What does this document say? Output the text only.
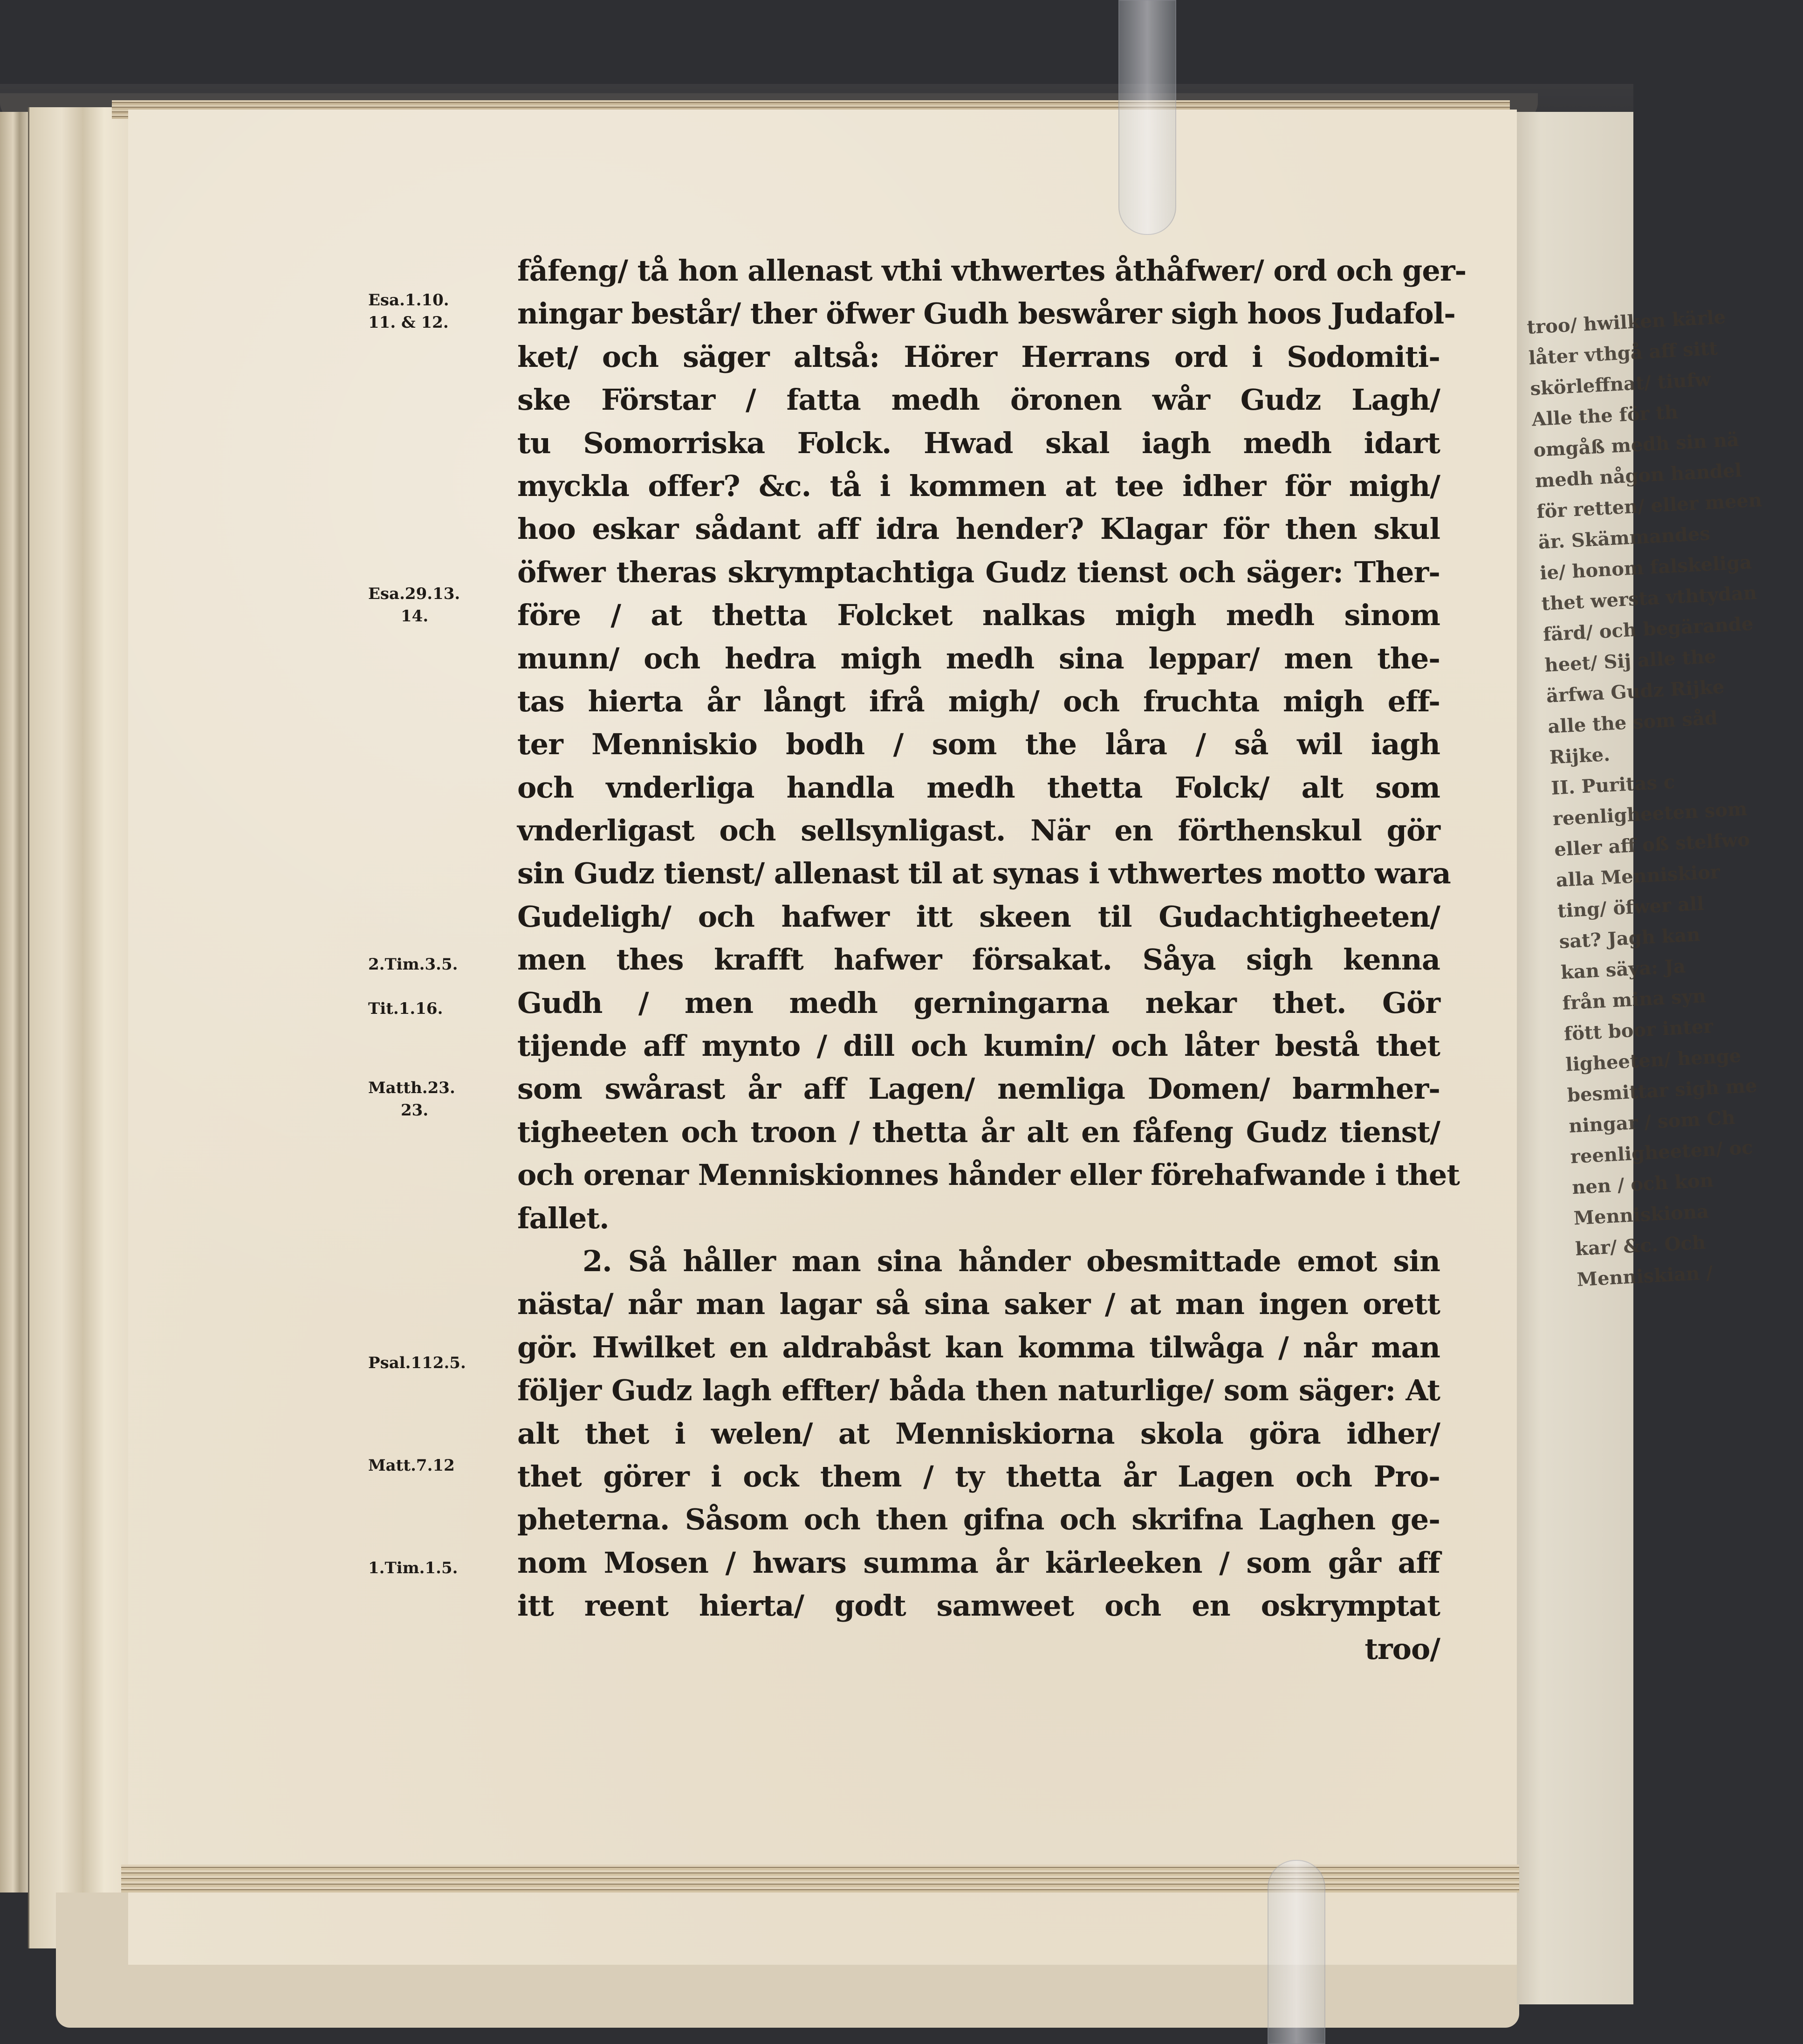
troo/ hwilken kärle
låter vthgå aff sitt
skörleffnat/ tiufw
Alle the för th
omgåß medh sin nä
medh någon handel
för retten/ eller meen
är. Skämmandes
ie/ honom falskeliga
thet wersta vthtydan
färd/ och begärande
heet/ Sij alle the
ärfwa Gudz Rijke
alle the som såd
Rijke.
II. Puritas c
reenligheeten som
eller aff oß stelfwo
alla Menniskior
ting/ öfwer all
sat? Jagh kan
kan säya: Ja
från mina syn
fött boor inter
ligheeten/ henge
besmittar sigh me
ningar / som Ch
reenligheeten/ oc
nen / och kon
Menniskiona
kar/ &c. Och
Menniskian /
fåfeng/ tå hon allenast vthi vthwertes åthåfwer/ ord och ger-
ningar består/ ther öfwer Gudh beswårer sigh hoos Judafol-
ket/ och säger altså: Hörer Herrans ord i Sodomiti-
ske Förstar / fatta medh öronen wår Gudz Lagh/
tu Somorriska Folck. Hwad skal iagh medh idart
myckla offer? &c. tå i kommen at tee idher för migh/
hoo eskar sådant aff idra hender? Klagar för then skul
öfwer theras skrymptachtiga Gudz tienst och säger: Ther-
före / at thetta Folcket nalkas migh medh sinom
munn/ och hedra migh medh sina leppar/ men the-
tas hierta år långt ifrå migh/ och fruchta migh eff-
ter Menniskio bodh / som the låra / så wil iagh
och vnderliga handla medh thetta Folck/ alt som
vnderligast och sellsynligast. När en förthenskul gör
sin Gudz tienst/ allenast til at synas i vthwertes motto wara
Gudeligh/ och hafwer itt skeen til Gudachtigheeten/
men thes krafft hafwer försakat. Såya sigh kenna
Gudh / men medh gerningarna nekar thet. Gör
tijende aff mynto / dill och kumin/ och låter bestå thet
som swårast år aff Lagen/ nemliga Domen/ barmher-
tigheeten och troon / thetta år alt en fåfeng Gudz tienst/
och orenar Menniskionnes hånder eller förehafwande i thet
fallet.
2. Så håller man sina hånder obesmittade emot sin
nästa/ når man lagar så sina saker / at man ingen orett
gör. Hwilket en aldrabåst kan komma tilwåga / når man
följer Gudz lagh effter/ båda then naturlige/ som säger: At
alt thet i welen/ at Menniskiorna skola göra idher/
thet görer i ock them / ty thetta år Lagen och Pro-
pheterna. Såsom och then gifna och skrifna Laghen ge-
nom Mosen / hwars summa år kärleeken / som går aff
itt reent hierta/ godt samweet och en oskrymptat
troo/
Esa.1.10.
11. & 12.
Esa.29.13.
14.
2.Tim.3.5.
Tit.1.16.
Matth.23.
23.
Psal.112.5.
Matt.7.12
1.Tim.1.5.
